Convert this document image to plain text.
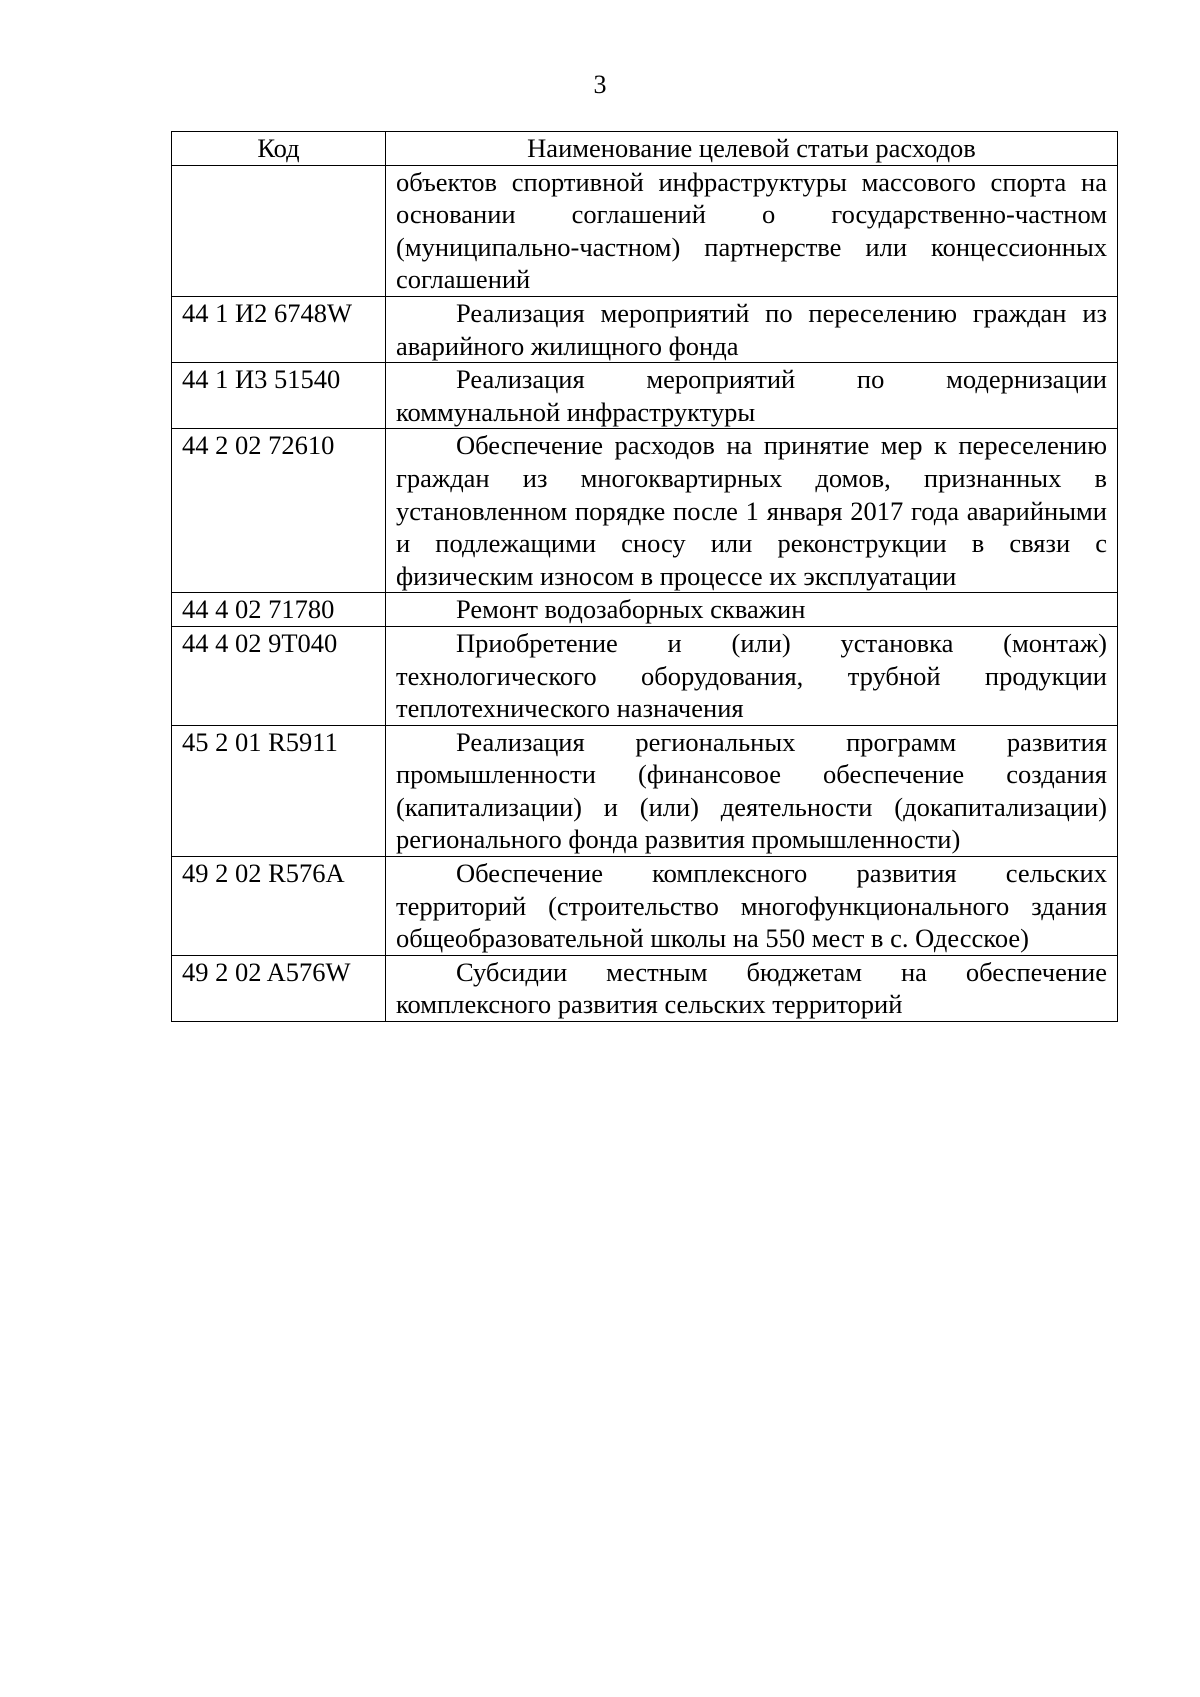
3
Код	Наименование целевой статьи расходов
	объектов спортивной инфраструктуры массового спорта на основании соглашений о государственно-частном (муниципально-частном) партнерстве или концессионных соглашений
44 1 И2 6748W	Реализация мероприятий по переселению граждан из аварийного жилищного фонда
44 1 И3 51540	Реализация мероприятий по модернизации коммунальной инфраструктуры
44 2 02 72610	Обеспечение расходов на принятие мер к переселению граждан из многоквартирных домов, признанных в установленном порядке после 1 января 2017 года аварийными и подлежащими сносу или реконструкции в связи с физическим износом в процессе их эксплуатации
44 4 02 71780	Ремонт водозаборных скважин
44 4 02 9Т040	Приобретение и (или) установка (монтаж) технологического оборудования, трубной продукции теплотехнического назначения
45 2 01 R5911	Реализация региональных программ развития промышленности (финансовое обеспечение создания (капитализации) и (или) деятельности (докапитализации) регионального фонда развития промышленности)
49 2 02 R576A	Обеспечение комплексного развития сельских территорий (строительство многофункционального здания общеобразовательной школы на 550 мест в с. Одесское)
49 2 02 A576W	Субсидии местным бюджетам на обеспечение комплексного развития сельских территорий
